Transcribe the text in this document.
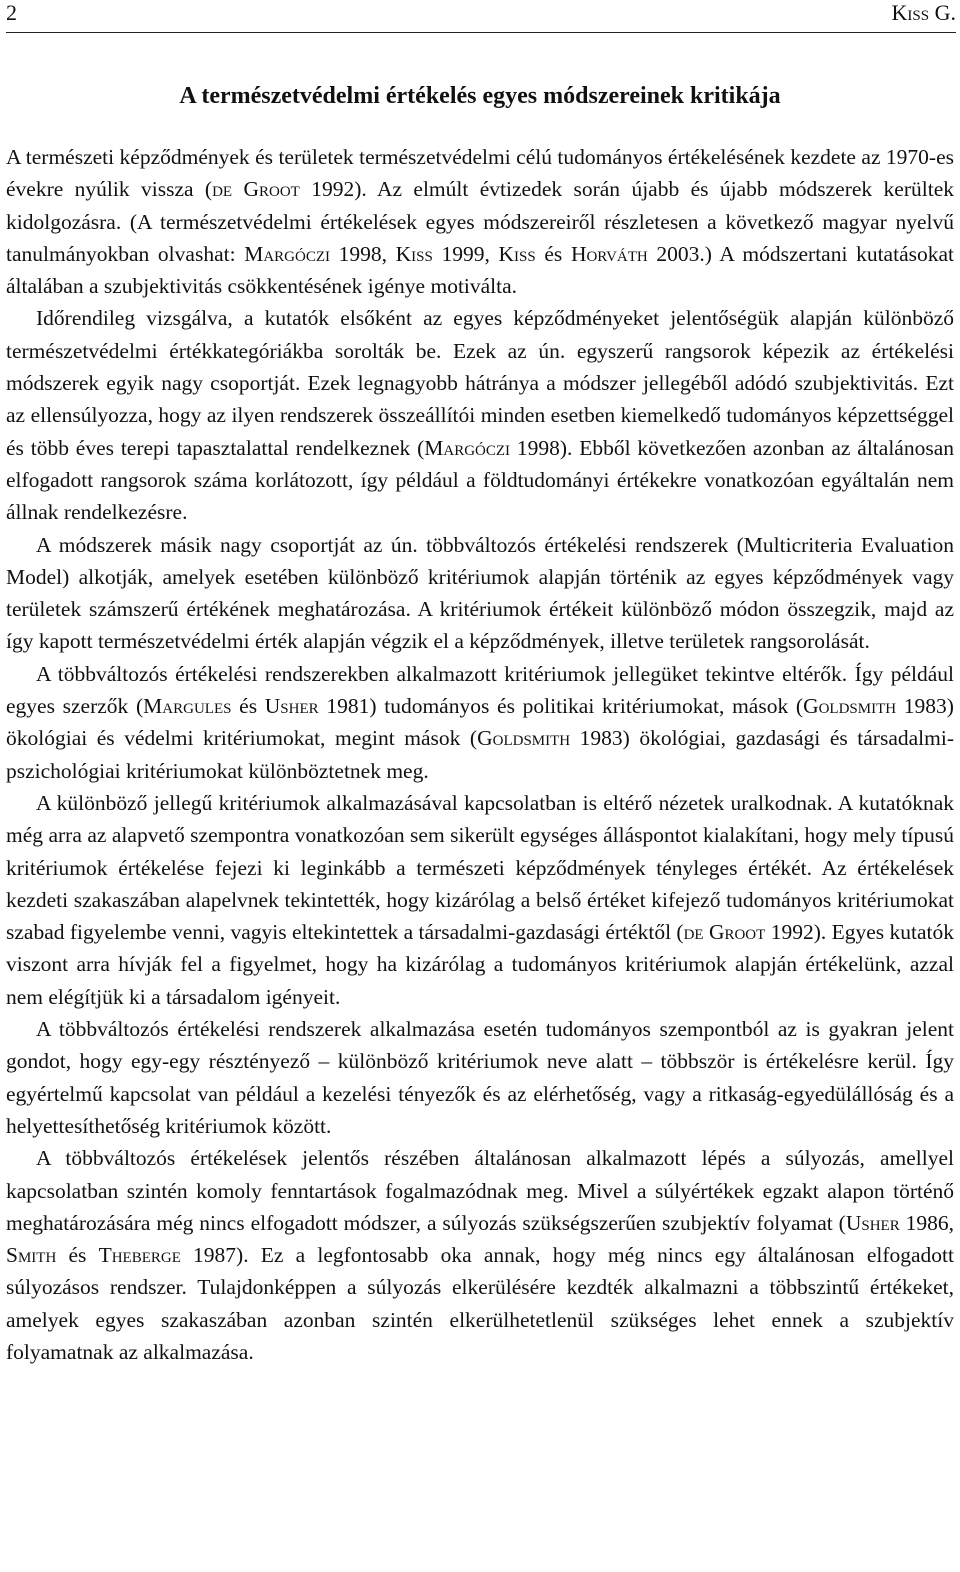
2	Kiss G.
A természetvédelmi értékelés egyes módszereinek kritikája

A természeti képződmények és területek természetvédelmi célú tudományos értékelésének kezdete az 1970-es évekre nyúlik vissza (de Groot 1992). Az elmúlt évtizedek során újabb és újabb módszerek kerültek kidolgozásra. (A természetvédelmi értékelések egyes módszereiről részletesen a következő magyar nyelvű tanulmányokban olvashat: Margóczi 1998, Kiss 1999, Kiss és Horváth 2003.) A módszertani kutatásokat általában a szubjektivitás csökkentésének igénye motiválta.

Időrendileg vizsgálva, a kutatók elsőként az egyes képződményeket jelentőségük alapján különböző természetvédelmi értékkategóriákba sorolták be. Ezek az ún. egyszerű rangsorok képezik az értékelési módszerek egyik nagy csoportját. Ezek legnagyobb hátránya a módszer jellegéből adódó szubjektivitás. Ezt az ellensúlyozza, hogy az ilyen rendszerek összeállítói minden esetben kiemelkedő tudományos képzettséggel és több éves terepi tapasztalattal rendelkeznek (Margóczi 1998). Ebből következően azonban az általánosan elfogadott rangsorok száma korlátozott, így például a földtudományi értékekre vonatkozóan egyáltalán nem állnak rendelkezésre.

A módszerek másik nagy csoportját az ún. többváltozós értékelési rendszerek (Multicriteria Evaluation Model) alkotják, amelyek esetében különböző kritériumok alapján történik az egyes képződmények vagy területek számszerű értékének meghatározása. A kritériumok értékeit különböző módon összegzik, majd az így kapott természetvédelmi érték alapján végzik el a képződmények, illetve területek rangsorolását.

A többváltozós értékelési rendszerekben alkalmazott kritériumok jellegüket tekintve eltérők. Így például egyes szerzők (Margules és Usher 1981) tudományos és politikai kritériumokat, mások (Goldsmith 1983) ökológiai és védelmi kritériumokat, megint mások (Goldsmith 1983) ökológiai, gazdasági és társadalmi-pszichológiai kritériumokat különböztetnek meg.

A különböző jellegű kritériumok alkalmazásával kapcsolatban is eltérő nézetek uralkodnak. A kutatóknak még arra az alapvető szempontra vonatkozóan sem sikerült egységes álláspontot kialakítani, hogy mely típusú kritériumok értékelése fejezi ki leginkább a természeti képződmények tényleges értékét. Az értékelések kezdeti szakaszában alapelvnek tekintették, hogy kizárólag a belső értéket kifejező tudományos kritériumokat szabad figyelembe venni, vagyis eltekintettek a társadalmi-gazdasági értéktől (de Groot 1992). Egyes kutatók viszont arra hívják fel a figyelmet, hogy ha kizárólag a tudományos kritériumok alapján értékelünk, azzal nem elégítjük ki a társadalom igényeit.

A többváltozós értékelési rendszerek alkalmazása esetén tudományos szempontból az is gyakran jelent gondot, hogy egy-egy résztényező – különböző kritériumok neve alatt – többször is értékelésre kerül. Így egyértelmű kapcsolat van például a kezelési tényezők és az elérhetőség, vagy a ritkaság-egyedülállóság és a helyettesíthetőség kritériumok között.

A többváltozós értékelések jelentős részében általánosan alkalmazott lépés a súlyozás, amellyel kapcsolatban szintén komoly fenntartások fogalmazódnak meg. Mivel a súlyértékek egzakt alapon történő meghatározására még nincs elfogadott módszer, a súlyozás szükségszerűen szubjektív folyamat (Usher 1986, Smith és Theberge 1987). Ez a legfontosabb oka annak, hogy még nincs egy általánosan elfogadott súlyozásos rendszer. Tulajdonképpen a súlyozás elkerülésére kezdték alkalmazni a többszintű értékeket, amelyek egyes szakaszában azonban szintén elkerülhetetlenül szükséges lehet ennek a szubjektív folyamatnak az alkalmazása.
